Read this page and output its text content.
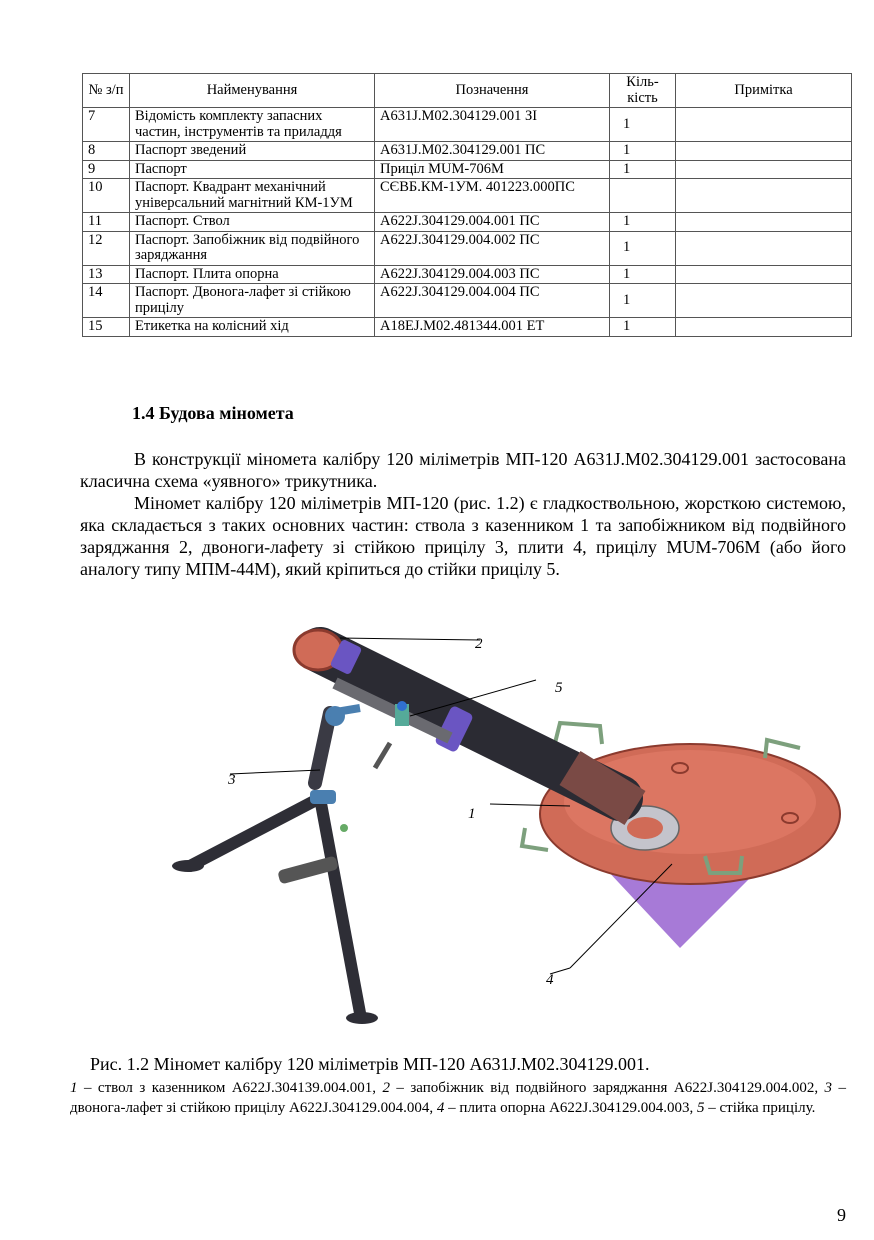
№ з/п	Найменування	Позначення	Кіль- кість	Примітка
7	Відомість комплекту запасних частин, інструментів та приладдя	А631J.М02.304129.001 ЗІ	1	
8	Паспорт зведений	А631J.М02.304129.001 ПС	1	
9	Паспорт	Приціл MUM-706M	1	
10	Паспорт. Квадрант механічний універсальний магнітний КМ-1УМ	СЄВБ.КМ-1УМ. 401223.000ПС		
11	Паспорт. Ствол	А622J.304129.004.001 ПС	1	
12	Паспорт. Запобіжник від подвійного заряджання	А622J.304129.004.002 ПС	1	
13	Паспорт. Плита опорна	А622J.304129.004.003 ПС	1	
14	Паспорт. Двонога-лафет зі стійкою прицілу	А622J.304129.004.004 ПС	1	
15	Етикетка на колісний хід	А18ЕJ.М02.481344.001 ЕТ	1	
1.4 Будова міномета
В конструкції міномета калібру 120 міліметрів МП-120 А631J.М02.304129.001 застосована класична схема «уявного» трикутника.
Міномет калібру 120 міліметрів МП-120 (рис. 1.2) є гладкоствольною, жорсткою системою, яка складається з таких основних частин: ствола з казенником 1 та запобіжником від подвійного заряджання 2, двоноги-лафету зі стійкою прицілу 3, плити 4, прицілу MUM-706M (або його аналогу типу МПМ-44М), який кріпиться до стійки прицілу 5.
2
5
3
1
4
Рис. 1.2 Міномет калібру 120 міліметрів МП-120 А631J.М02.304129.001.
1 – ствол з казенником А622J.304139.004.001, 2 – запобіжник від подвійного заряджання А622J.304129.004.002, 3 – двонога-лафет зі стійкою прицілу А622J.304129.004.004, 4 – плита опорна А622J.304129.004.003, 5 – стійка прицілу.
9
